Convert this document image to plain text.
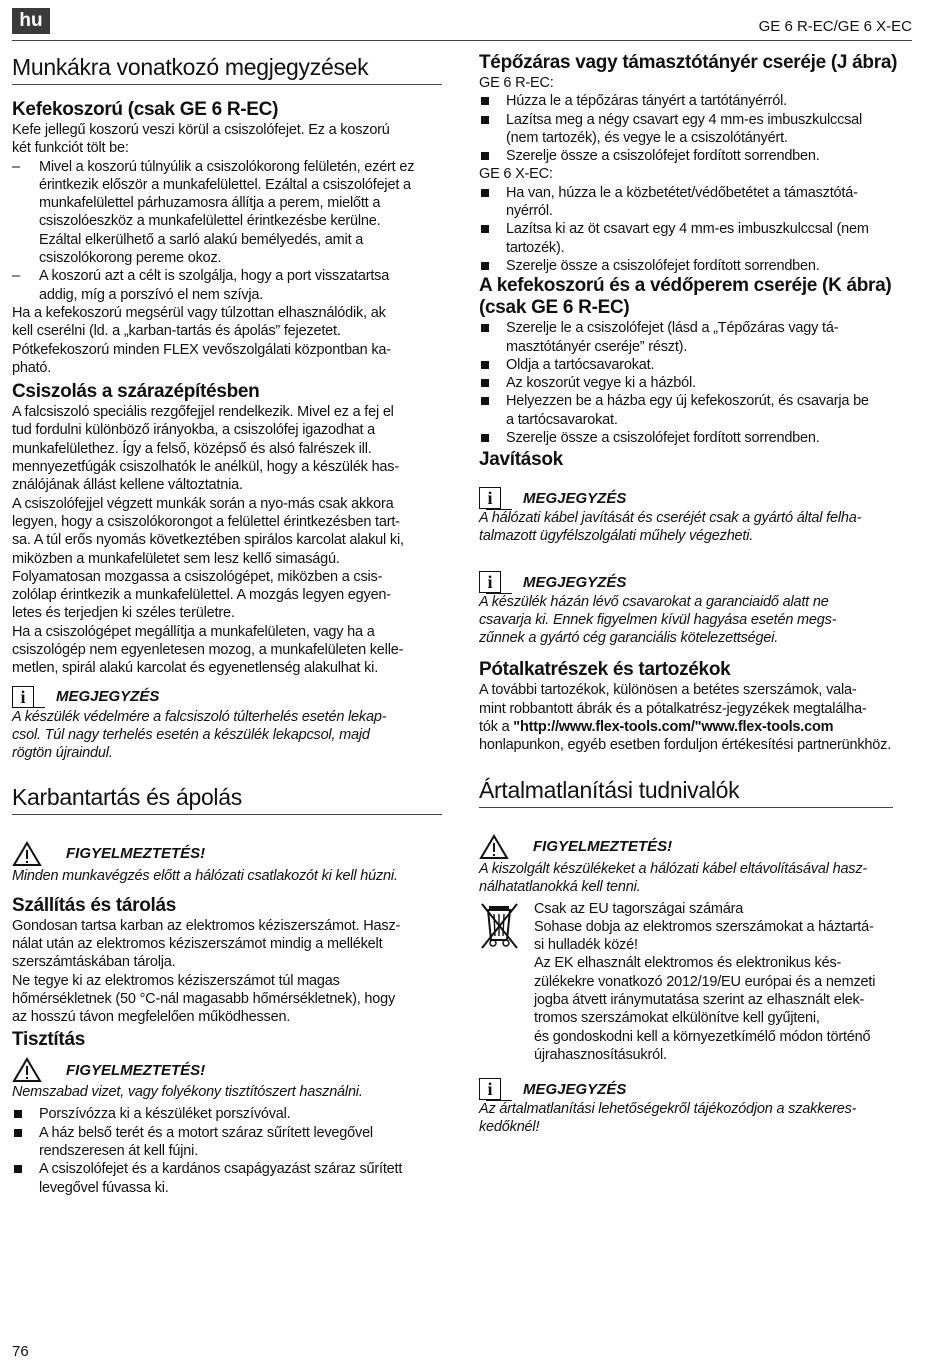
hu	GE 6 R-EC/GE 6 X-EC
Munkákra vonatkozó megjegyzések
Kefekoszorú (csak GE 6 R-EC)

Kefe jellegű koszorú veszi körül a csiszolófejet. Ez a koszorú
két funkciót tölt be:

– Mivel a koszorú túlnyúlik a csiszolókorong felületén, ezért ez
érintkezik először a munkafelülettel. Ezáltal a csiszolófejet a
munkafelülettel párhuzamosra állítja a perem, mielőtt a
csiszolóeszköz a munkafelülettel érintkezésbe kerülne.
Ezáltal elkerülhető a sarló alakú bemélyedés, amit a
csiszolókorong pereme okoz.
– A koszorú azt a célt is szolgálja, hogy a port visszatartsa
addig, míg a porszívó el nem szívja.

Ha a kefekoszorú megsérül vagy túlzottan elhasználódik, ak
kell cserélni (ld. a „karban-tartás és ápolás” fejezetet.
Pótkefekoszorú minden FLEX vevőszolgálati központban ka-
pható.

Csiszolás a szárazépítésben

A falcsiszoló speciális rezgőfejjel rendelkezik. Mivel ez a fej el
tud fordulni különböző irányokba, a csiszolófej igazodhat a
munkafelülethez. Így a felső, középső és alsó falrészek ill.
mennyezetfúgák csiszolhatók le anélkül, hogy a készülék has-
ználójának állást kellene változtatnia.

A csiszolófejjel végzett munkák során a nyo-más csak akkora
legyen, hogy a csiszolókorongot a felülettel érintkezésben tart-
sa. A túl erős nyomás következtében spirálos karcolat alakul ki,
miközben a munkafelületet sem lesz kellő simaságú.

Folyamatosan mozgassa a csiszológépet, miközben a csis-
zolólap érintkezik a munkafelülettel. A mozgás legyen egyen-
letes és terjedjen ki széles területre.

Ha a csiszológépet megállítja a munkafelületen, vagy ha a
csiszológép nem egyenletesen mozog, a munkafelületen kelle-
metlen, spirál alakú karcolat és egyenetlenség alakulhat ki.

i	MEGJEGYZÉS
A készülék védelmére a falcsiszoló túlterhelés esetén lekap-
csol. Túl nagy terhelés esetén a készülék lekapcsol, majd
rögtön újraindul.
Karbantartás és ápolás
FIGYELMEZTETÉS!
Minden munkavégzés előtt a hálózati csatlakozót ki kell húzni.
Szállítás és tárolás

Gondosan tartsa karban az elektromos kéziszerszámot. Hasz-
nálat után az elektromos kéziszerszámot mindig a mellékelt
szerszámtáskában tárolja.

Ne tegye ki az elektromos kéziszerszámot túl magas
hőmérsékletnek (50 °C-nál magasabb hőmérsékletnek), hogy
az hosszú távon megfelelően működhessen.

Tisztítás
FIGYELMEZTETÉS!
Nemszabad vizet, vagy folyékony tisztítószert használni.
Porszívózza ki a készüléket porszívóval.
A ház belső terét és a motort száraz sűrített levegővel
rendszeresen át kell fújni.
A csiszolófejet és a kardános csapágyazást száraz sűrített
levegővel fúvassa ki.
Tépőzáras vagy támasztótányér cseréje (J ábra)

GE 6 R-EC:

Húzza le a tépőzáras tányért a tartótányérról.
Lazítsa meg a négy csavart egy 4 mm-es imbuszkulccsal
(nem tartozék), és vegye le a csiszolótányért.
Szerelje össze a csiszolófejet fordított sorrendben.

GE 6 X-EC:

Ha van, húzza le a közbetétet/védőbetétet a támasztótá-
nyérról.
Lazítsa ki az öt csavart egy 4 mm-es imbuszkulccsal (nem
tartozék).
Szerelje össze a csiszolófejet fordított sorrendben.
A kefekoszorú és a védőperem cseréje (K ábra)
(csak GE 6 R-EC)
Szerelje le a csiszolófejet (lásd a „Tépőzáras vagy tá-
masztótányér cseréje” részt).
Oldja a tartócsavarokat.
Az koszorút vegye ki a házból.
Helyezzen be a házba egy új kefekoszorút, és csavarja be
a tartócsavarokat.
Szerelje össze a csiszolófejet fordított sorrendben.
Javítások
i	MEGJEGYZÉS
A hálózati kábel javítását és cseréjét csak a gyártó által felha-
talmazott ügyfélszolgálati műhely végezheti.
i	MEGJEGYZÉS
A készülék házán lévő csavarokat a garanciaidő alatt ne
csavarja ki. Ennek figyelmen kívül hagyása esetén megs-
zűnnek a gyártó cég garanciális kötelezettségei.
Pótalkatrészek és tartozékok

A további tartozékok, különösen a betétes szerszámok, vala-
mint robbantott ábrák és a pótalkatrész-jegyzékek megtalálha-
tók a "http://www.flex-tools.com/"www.flex-tools.com
honlapunkon, egyéb esetben forduljon értékesítési partnerünkhöz.

Ártalmatlanítási tudnivalók
FIGYELMEZTETÉS!
A kiszolgált készülékeket a hálózati kábel eltávolításával hasz-
nálhatatlanokká kell tenni.

Csak az EU tagországai számára

Sohase dobja az elektromos szerszámokat a háztartá-
si hulladék közé!

Az EK elhasznált elektromos és elektronikus kés-
zülékekre vonatkozó 2012/19/EU európai és a nemzeti
jogba átvett iránymutatása szerint az elhasznált elek-
tromos szerszámokat elkülönítve kell gyűjteni,
és gondoskodni kell a környezetkímélő módon történő
újrahasznosításukról.

i	MEGJEGYZÉS
Az ártalmatlanítási lehetőségekről tájékozódjon a szakkeres-
kedőknél!
76
